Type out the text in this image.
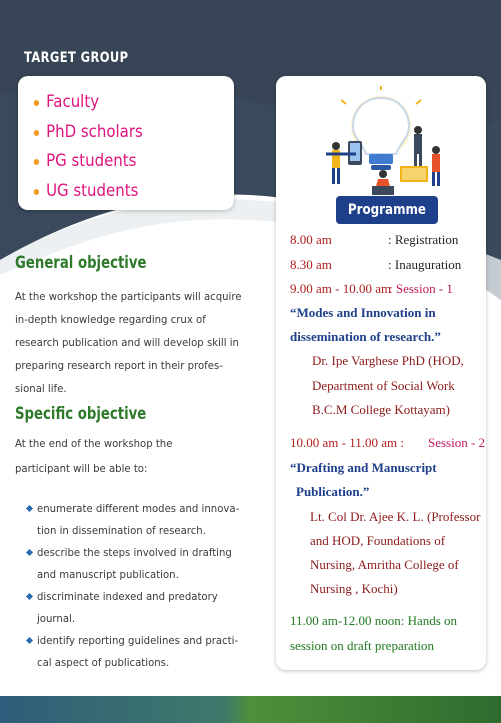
TARGET GROUP
Faculty
PhD scholars
PG students
UG students
General objective
At the workshop the participants will acquire
in-depth knowledge regarding crux of
research publication and will develop skill in
preparing research report in their profes-
sional life.
Specific objective
At the end of the workshop the
participant will be able to:
enumerate different modes and innova-
tion in dissemination of research.
describe the steps involved in drafting
and manuscript publication.
discriminate indexed and predatory
journal.
identify reporting guidelines and practi-
cal aspect of publications.
Programme
8.00 am	: Registration
8.30 am	: Inauguration
9.00 am - 10.00 am
: Session - 1
“Modes and Innovation in
dissemination of research.”
Dr. Ipe Varghese PhD (HOD,
Department of Social Work
B.C.M College Kottayam)
10.00 am - 11.00 am : Session - 2
“Drafting and Manuscript
Publication.”
Lt. Col Dr. Ajee K. L. (Professor
and HOD, Foundations of
Nursing, Amritha College of
Nursing , Kochi)
11.00 am-12.00 noon: Hands on
session on draft preparation
